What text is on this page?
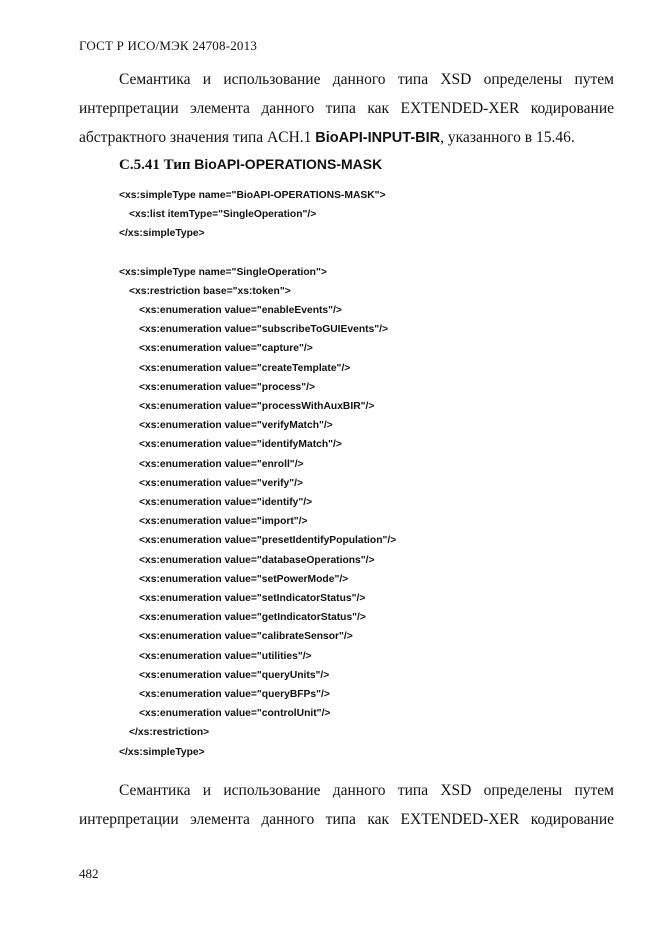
ГОСТ Р ИСО/МЭК 24708-2013
Семантика и использование данного типа XSD определены путем
интерпретации элемента данного типа как EXTENDED-XER кодирование
абстрактного значения типа ACH.1 BioAPI-INPUT-BIR, указанного в 15.46.
C.5.41 Тип BioAPI-OPERATIONS-MASK
<xs:simpleType name="BioAPI-OPERATIONS-MASK">
<xs:list itemType="SingleOperation"/>
</xs:simpleType>
<xs:simpleType name="SingleOperation">
<xs:restriction base="xs:token">
<xs:enumeration value="enableEvents"/>
<xs:enumeration value="subscribeToGUIEvents"/>
<xs:enumeration value="capture"/>
<xs:enumeration value="createTemplate"/>
<xs:enumeration value="process"/>
<xs:enumeration value="processWithAuxBIR"/>
<xs:enumeration value="verifyMatch"/>
<xs:enumeration value="identifyMatch"/>
<xs:enumeration value="enroll"/>
<xs:enumeration value="verify"/>
<xs:enumeration value="identify"/>
<xs:enumeration value="import"/>
<xs:enumeration value="presetIdentifyPopulation"/>
<xs:enumeration value="databaseOperations"/>
<xs:enumeration value="setPowerMode"/>
<xs:enumeration value="setIndicatorStatus"/>
<xs:enumeration value="getIndicatorStatus"/>
<xs:enumeration value="calibrateSensor"/>
<xs:enumeration value="utilities"/>
<xs:enumeration value="queryUnits"/>
<xs:enumeration value="queryBFPs"/>
<xs:enumeration value="controlUnit"/>
</xs:restriction>
</xs:simpleType>
Семантика и использование данного типа XSD определены путем
интерпретации элемента данного типа как EXTENDED-XER кодирование
482
